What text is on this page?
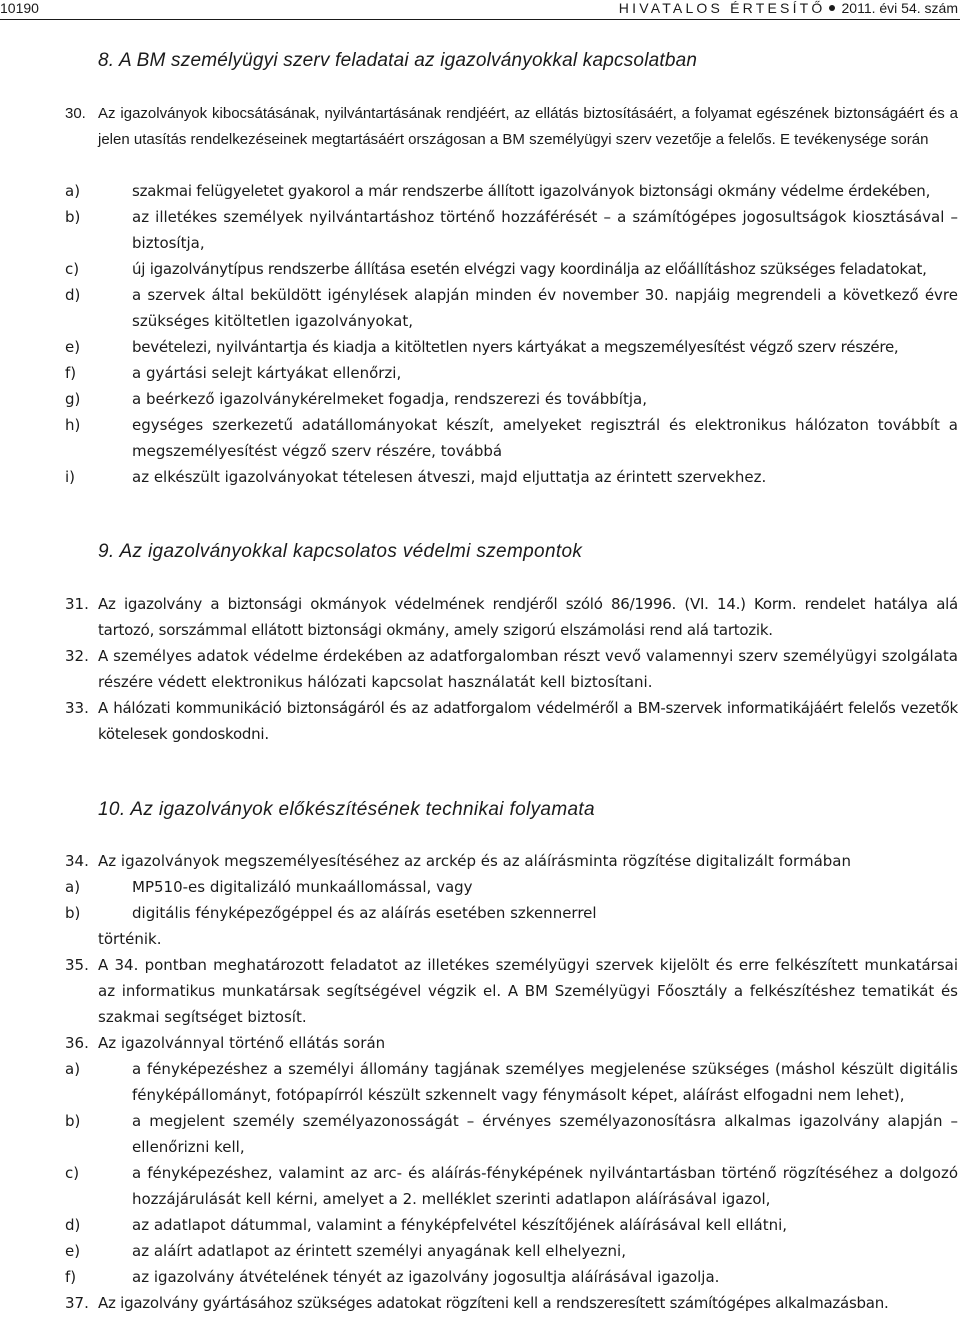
10190	HIVATALOS ÉRTESÍTŐ 2011. évi 54. szám
8. A BM személyügyi szerv feladatai az igazolványokkal kapcsolatban
30. Az igazolványok kibocsátásának, nyilvántartásának rendjéért, az ellátás biztosításáért, a folyamat egészének biztonságáért és a jelen utasítás rendelkezéseinek megtartásáért országosan a BM személyügyi szerv vezetője a felelős. E tevékenysége során
a)	szakmai felügyeletet gyakorol a már rendszerbe állított igazolványok biztonsági okmány védelme érdekében,
b)	az illetékes személyek nyilvántartáshoz történő hozzáférését – a számítógépes jogosultságok kiosztásával – biztosítja,
c)	új igazolványtípus rendszerbe állítása esetén elvégzi vagy koordinálja az előállításhoz szükséges feladatokat,
d)	a szervek által beküldött igénylések alapján minden év november 30. napjáig megrendeli a következő évre szükséges kitöltetlen igazolványokat,
e)	bevételezi, nyilvántartja és kiadja a kitöltetlen nyers kártyákat a megszemélyesítést végző szerv részére,
f)	a gyártási selejt kártyákat ellenőrzi,
g)	a beérkező igazolványkérelmeket fogadja, rendszerezi és továbbítja,
h)	egységes szerkezetű adatállományokat készít, amelyeket regisztrál és elektronikus hálózaton továbbít a megszemélyesítést végző szerv részére, továbbá
i)	az elkészült igazolványokat tételesen átveszi, majd eljuttatja az érintett szervekhez.
9. Az igazolványokkal kapcsolatos védelmi szempontok
31. Az igazolvány a biztonsági okmányok védelmének rendjéről szóló 86/1996. (VI. 14.) Korm. rendelet hatálya alá tartozó, sorszámmal ellátott biztonsági okmány, amely szigorú elszámolási rend alá tartozik.
32. A személyes adatok védelme érdekében az adatforgalomban részt vevő valamennyi szerv személyügyi szolgálata részére védett elektronikus hálózati kapcsolat használatát kell biztosítani.
33. A hálózati kommunikáció biztonságáról és az adatforgalom védelméről a BM-szervek informatikájáért felelős vezetők kötelesek gondoskodni.
10. Az igazolványok előkészítésének technikai folyamata
34. Az igazolványok megszemélyesítéséhez az arckép és az aláírásminta rögzítése digitalizált formában
a)	MP510-es digitalizáló munkaállomással, vagy
b)	digitális fényképezőgéppel és az aláírás esetében szkennerrel
történik.
35. A 34. pontban meghatározott feladatot az illetékes személyügyi szervek kijelölt és erre felkészített munkatársai az informatikus munkatársak segítségével végzik el. A BM Személyügyi Főosztály a felkészítéshez tematikát és szakmai segítséget biztosít.
36. Az igazolvánnyal történő ellátás során
a)	a fényképezéshez a személyi állomány tagjának személyes megjelenése szükséges (máshol készült digitális fényképállományt, fotópapírról készült szkennelt vagy fénymásolt képet, aláírást elfogadni nem lehet),
b)	a megjelent személy személyazonosságát – érvényes személyazonosításra alkalmas igazolvány alapján – ellenőrizni kell,
c)	a fényképezéshez, valamint az arc- és aláírás-fényképének nyilvántartásban történő rögzítéséhez a dolgozó hozzájárulását kell kérni, amelyet a 2. melléklet szerinti adatlapon aláírásával igazol,
d)	az adatlapot dátummal, valamint a fényképfelvétel készítőjének aláírásával kell ellátni,
e)	az aláírt adatlapot az érintett személyi anyagának kell elhelyezni,
f)	az igazolvány átvételének tényét az igazolvány jogosultja aláírásával igazolja.
37. Az igazolvány gyártásához szükséges adatokat rögzíteni kell a rendszeresített számítógépes alkalmazásban.
